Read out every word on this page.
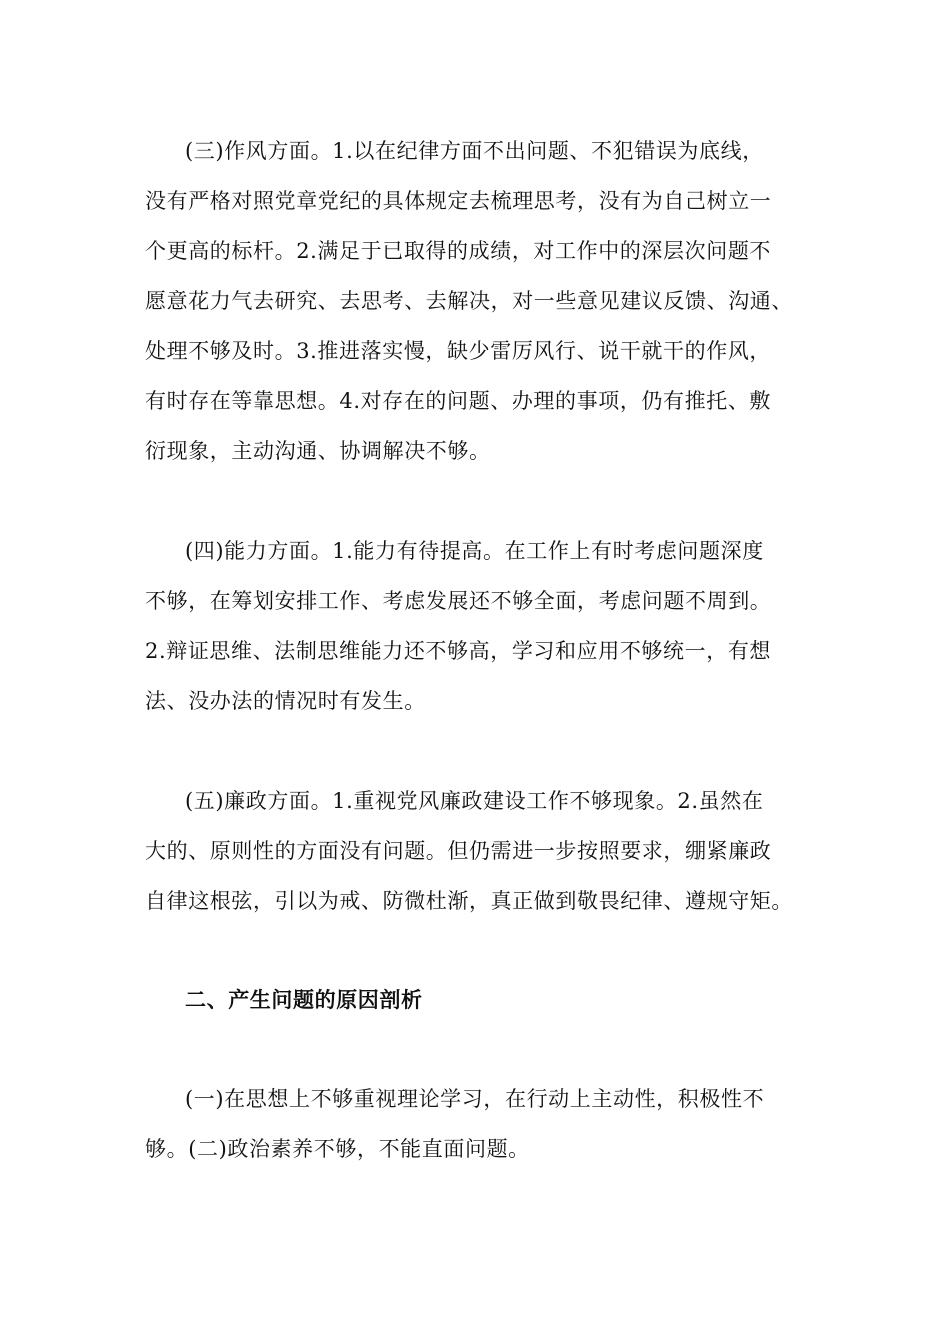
(三)作风方面。1.以在纪律方面不出问题、不犯错误为底线，
没有严格对照党章党纪的具体规定去梳理思考，没有为自己树立一
个更高的标杆。2.满足于已取得的成绩，对工作中的深层次问题不
愿意花力气去研究、去思考、去解决，对一些意见建议反馈、沟通、
处理不够及时。3.推进落实慢，缺少雷厉风行、说干就干的作风，
有时存在等靠思想。4.对存在的问题、办理的事项，仍有推托、敷
衍现象，主动沟通、协调解决不够。
(四)能力方面。1.能力有待提高。在工作上有时考虑问题深度
不够，在筹划安排工作、考虑发展还不够全面，考虑问题不周到。
2.辩证思维、法制思维能力还不够高，学习和应用不够统一，有想
法、没办法的情况时有发生。
(五)廉政方面。1.重视党风廉政建设工作不够现象。2.虽然在
大的、原则性的方面没有问题。但仍需进一步按照要求，绷紧廉政
自律这根弦，引以为戒、防微杜渐，真正做到敬畏纪律、遵规守矩。
二、产生问题的原因剖析
(一)在思想上不够重视理论学习，在行动上主动性，积极性不
够。(二)政治素养不够，不能直面问题。
